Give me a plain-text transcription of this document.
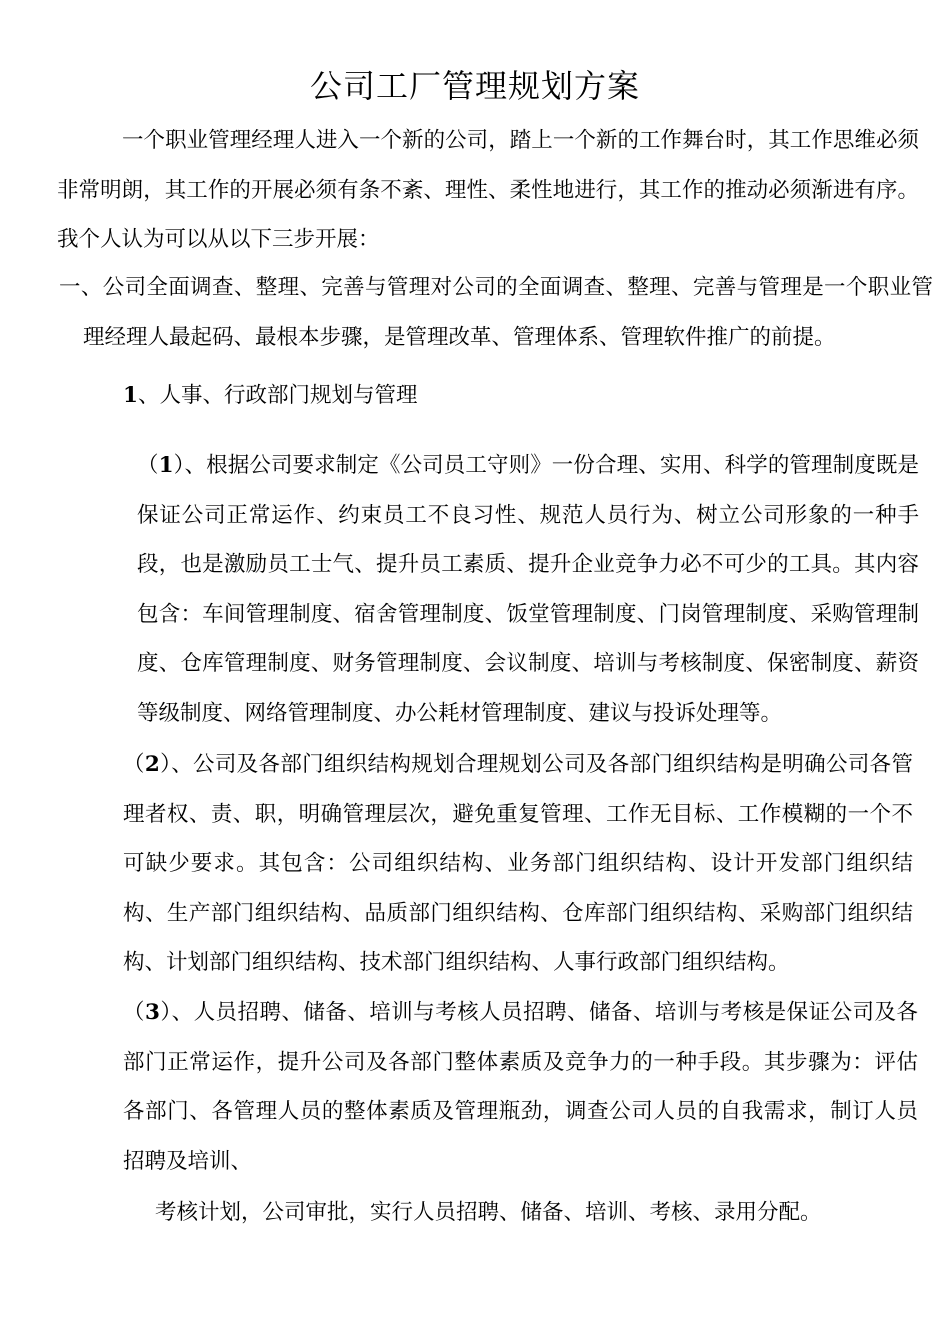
公司工厂管理规划方案

一个职业管理经理人进入一个新的公司，踏上一个新的工作舞台时，其工作思维必须非常明朗，其工作的开展必须有条不紊、理性、柔性地进行，其工作的推动必须渐进有序。我个人认为可以从以下三步开展：

一、公司全面调查、整理、完善与管理对公司的全面调查、整理、完善与管理是一个职业管理经理人最起码、最根本步骤，是管理改革、管理体系、管理软件推广的前提。

1、人事、行政部门规划与管理

（1）、根据公司要求制定《公司员工守则》一份合理、实用、科学的管理制度既是保证公司正常运作、约束员工不良习性、规范人员行为、树立公司形象的一种手段，也是激励员工士气、提升员工素质、提升企业竞争力必不可少的工具。其内容包含：车间管理制度、宿舍管理制度、饭堂管理制度、门岗管理制度、采购管理制度、仓库管理制度、财务管理制度、会议制度、培训与考核制度、保密制度、薪资等级制度、网络管理制度、办公耗材管理制度、建议与投诉处理等。

（2）、公司及各部门组织结构规划合理规划公司及各部门组织结构是明确公司各管理者权、责、职，明确管理层次，避免重复管理、工作无目标、工作模糊的一个不可缺少要求。其包含：公司组织结构、业务部门组织结构、设计开发部门组织结构、生产部门组织结构、品质部门组织结构、仓库部门组织结构、采购部门组织结构、计划部门组织结构、技术部门组织结构、人事行政部门组织结构。

（3）、人员招聘、储备、培训与考核人员招聘、储备、培训与考核是保证公司及各部门正常运作，提升公司及各部门整体素质及竞争力的一种手段。其步骤为：评估各部门、各管理人员的整体素质及管理瓶劲，调查公司人员的自我需求，制订人员招聘及培训、

考核计划，公司审批，实行人员招聘、储备、培训、考核、录用分配。
